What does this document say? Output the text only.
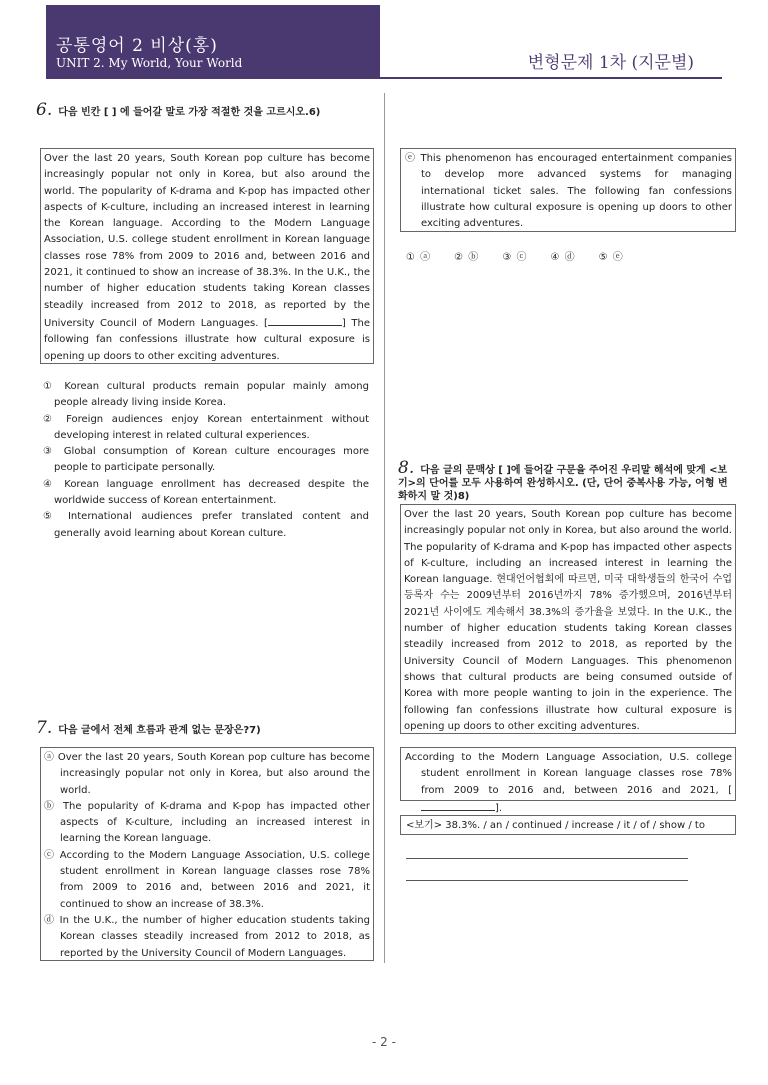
공통영어 2 비상(홍)
UNIT 2. My World, Your World	변형문제 1차 (지문별)
6. 다음 빈칸 [ ] 에 들어갈 말로 가장 적절한 것을 고르시오.6)
Over the last 20 years, South Korean pop culture has become increasingly popular not only in Korea, but also around the world. The popularity of K-drama and K-pop has impacted other aspects of K-culture, including an increased interest in learning the Korean language. According to the Modern Language Association, U.S. college student enrollment in Korean language classes rose 78% from 2009 to 2016 and, between 2016 and 2021, it continued to show an increase of 38.3%. In the U.K., the number of higher education students taking Korean classes steadily increased from 2012 to 2018, as reported by the University Council of Modern Languages. [	] The following fan confessions illustrate how cultural exposure is opening up doors to other exciting adventures.
① Korean cultural products remain popular mainly among people already living inside Korea.
② Foreign audiences enjoy Korean entertainment without developing interest in related cultural experiences.
③ Global consumption of Korean culture encourages more people to participate personally.
④ Korean language enrollment has decreased despite the worldwide success of Korean entertainment.
⑤ International audiences prefer translated content and generally avoid learning about Korean culture.
7. 다음 글에서 전체 흐름과 관계 없는 문장은?7)
ⓐ Over the last 20 years, South Korean pop culture has become increasingly popular not only in Korea, but also around the world.
ⓑ The popularity of K-drama and K-pop has impacted other aspects of K-culture, including an increased interest in learning the Korean language.
ⓒ According to the Modern Language Association, U.S. college student enrollment in Korean language classes rose 78% from 2009 to 2016 and, between 2016 and 2021, it continued to show an increase of 38.3%.
ⓓ In the U.K., the number of higher education students taking Korean classes steadily increased from 2012 to 2018, as reported by the University Council of Modern Languages.
ⓔ This phenomenon has encouraged entertainment companies to develop more advanced systems for managing international ticket sales. The following fan confessions illustrate how cultural exposure is opening up doors to other exciting adventures.
① ⓐ ② ⓑ ③ ⓒ ④ ⓓ ⑤ ⓔ
8. 다음 글의 문맥상 [ ]에 들어갈 구문을 주어진 우리말 해석에 맞게 <보기>의 단어를 모두 사용하여 완성하시오. (단, 단어 중복사용 가능, 어형 변화하지 말 것)8)
Over the last 20 years, South Korean pop culture has become increasingly popular not only in Korea, but also around the world. The popularity of K-drama and K-pop has impacted other aspects of K-culture, including an increased interest in learning the Korean language. 현대언어협회에 따르면, 미국 대학생들의 한국어 수업 등록자 수는 2009년부터 2016년까지 78% 증가했으며, 2016년부터 2021년 사이에도 계속해서 38.3%의 증가율을 보였다. In the U.K., the number of higher education students taking Korean classes steadily increased from 2012 to 2018, as reported by the University Council of Modern Languages. This phenomenon shows that cultural products are being consumed outside of Korea with more people wanting to join in the experience. The following fan confessions illustrate how cultural exposure is opening up doors to other exciting adventures.
According to the Modern Language Association, U.S. college student enrollment in Korean language classes rose 78% from 2009 to 2016 and, between 2016 and 2021, [].
<보기> 38.3%. / an / continued / increase / it / of / show / to
- 2 -
